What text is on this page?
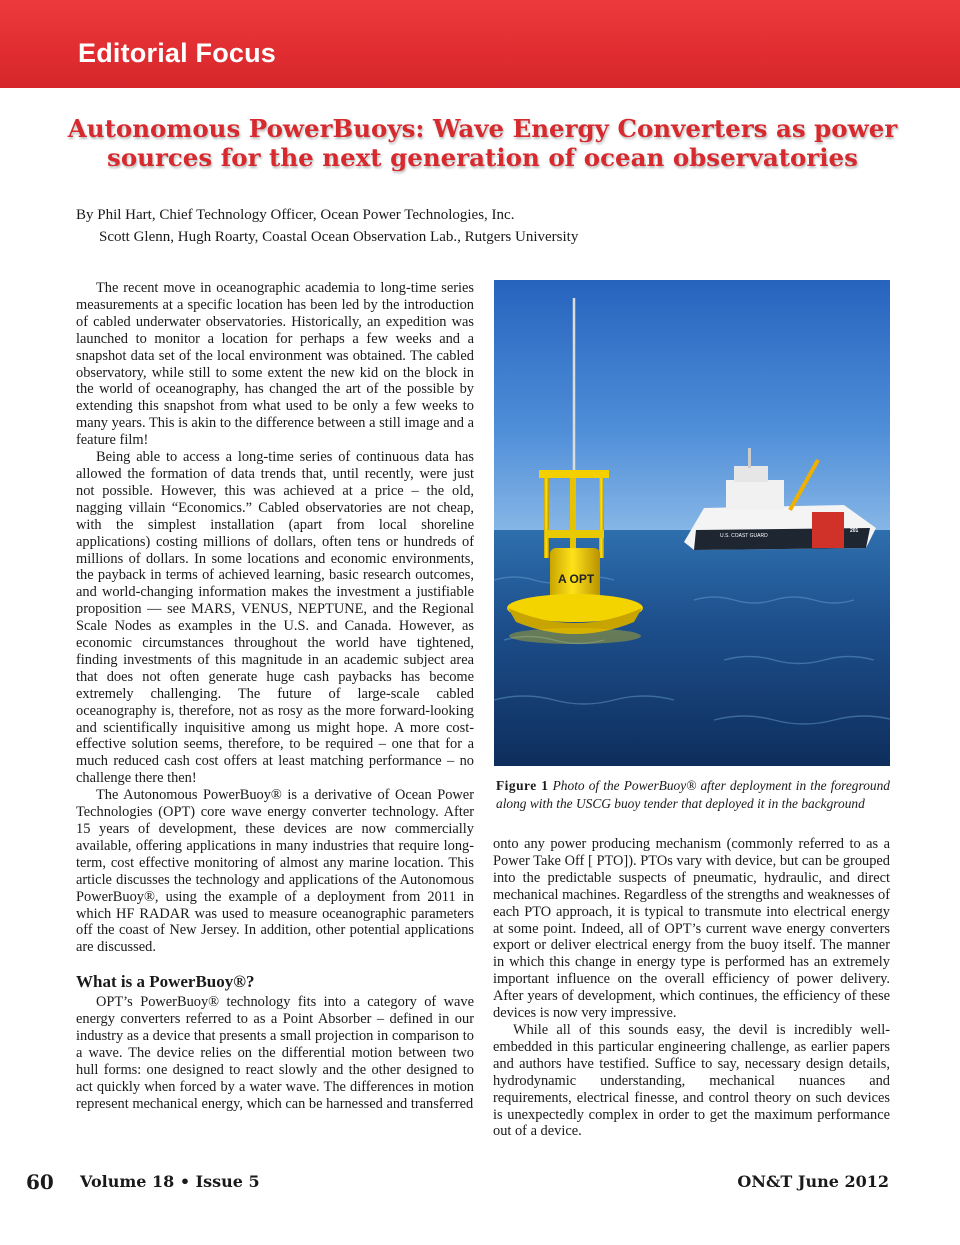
Editorial Focus
Autonomous PowerBuoys: Wave Energy Converters as power
sources for the next generation of ocean observatories
By Phil Hart, Chief Technology Officer, Ocean Power Technologies, Inc.
Scott Glenn, Hugh Roarty, Coastal Ocean Observation Lab., Rutgers University

The recent move in oceanographic academia to long-time series measurements at a specific location has been led by the introduction of cabled underwater observatories. Historically, an expedition was launched to monitor a location for perhaps a few weeks and a snapshot data set of the local environment was obtained. The cabled observatory, while still to some extent the new kid on the block in the world of oceanography, has changed the art of the possible by extending this snapshot from what used to be only a few weeks to many years. This is akin to the difference between a still image and a feature film!

Being able to access a long-time series of continuous data has allowed the formation of data trends that, until recently, were just not possible. However, this was achieved at a price – the old, nagging villain “Economics.” Cabled observatories are not cheap, with the simplest installation (apart from local shoreline applications) costing millions of dollars, often tens or hundreds of millions of dollars. In some locations and economic environments, the payback in terms of achieved learning, basic research outcomes, and world-changing information makes the investment a justifiable proposition — see MARS, VENUS, NEPTUNE, and the Regional Scale Nodes as examples in the U.S. and Canada. However, as economic circumstances throughout the world have tightened, finding investments of this magnitude in an academic subject area that does not often generate huge cash paybacks has become extremely challenging. The future of large-scale cabled oceanography is, therefore, not as rosy as the more forward-looking and scientifically inquisitive among us might hope. A more cost-effective solution seems, therefore, to be required – one that for a much reduced cash cost offers at least matching performance – no challenge there then!

The Autonomous PowerBuoy® is a derivative of Ocean Power Technologies (OPT) core wave energy converter technology. After 15 years of development, these devices are now commercially available, offering applications in many industries that require long-term, cost effective monitoring of almost any marine location. This article discusses the technology and applications of the Autonomous PowerBuoy®, using the example of a deployment from 2011 in which HF RADAR was used to measure oceanographic parameters off the coast of New Jersey. In addition, other potential applications are discussed.

What is a PowerBuoy®?

OPT’s PowerBuoy® technology fits into a category of wave energy converters referred to as a Point Absorber – defined in our industry as a device that presents a small projection in comparison to a wave. The device relies on the differential motion between two hull forms: one designed to react slowly and the other designed to act quickly when forced by a water wave. The differences in motion represent mechanical energy, which can be harnessed and transferred

U.S. COAST GUARD
201
A OPT
Figure 1 Photo of the PowerBuoy® after deployment in the foreground along with the USCG buoy tender that deployed it in the background

onto any power producing mechanism (commonly referred to as a Power Take Off [ PTO]). PTOs vary with device, but can be grouped into the predictable suspects of pneumatic, hydraulic, and direct mechanical machines. Regardless of the strengths and weaknesses of each PTO approach, it is typical to transmute into electrical energy at some point. Indeed, all of OPT’s current wave energy converters export or deliver electrical energy from the buoy itself. The manner in which this change in energy type is performed has an extremely important influence on the overall efficiency of power delivery. After years of development, which continues, the efficiency of these devices is now very impressive.

While all of this sounds easy, the devil is incredibly well-embedded in this particular engineering challenge, as earlier papers and authors have testified. Suffice to say, necessary design details, hydrodynamic understanding, mechanical nuances and requirements, electrical finesse, and control theory on such devices is unexpectedly complex in order to get the maximum performance out of a device.

60 Volume 18 • Issue 5	ON&T June 2012
